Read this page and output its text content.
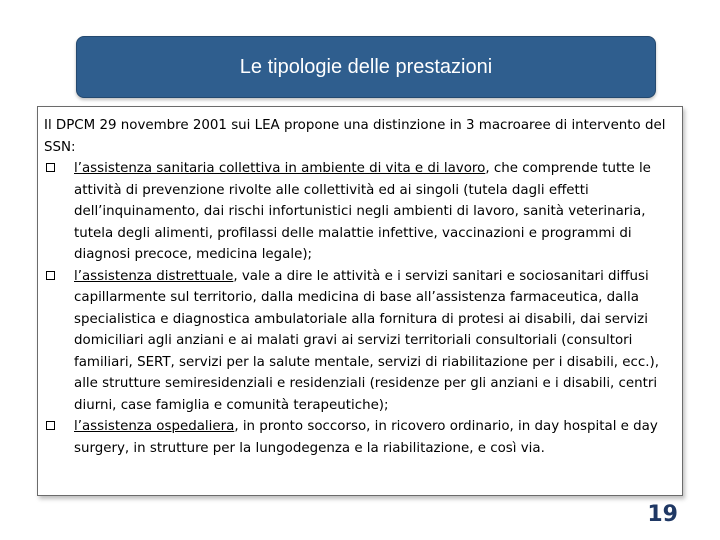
Le tipologie delle prestazioni

Il DPCM 29 novembre 2001 sui LEA propone una distinzione in 3 macroaree di intervento del SSN:

l’assistenza sanitaria collettiva in ambiente di vita e di lavoro, che comprende tutte le attività di prevenzione rivolte alle collettività ed ai singoli (tutela dagli effetti dell’inquinamento, dai rischi infortunistici negli ambienti di lavoro, sanità veterinaria, tutela degli alimenti, profilassi delle malattie infettive, vaccinazioni e programmi di diagnosi precoce, medicina legale);

l’assistenza distrettuale, vale a dire le attività e i servizi sanitari e sociosanitari diffusi capillarmente sul territorio, dalla medicina di base all’assistenza farmaceutica, dalla specialistica e diagnostica ambulatoriale alla fornitura di protesi ai disabili, dai servizi domiciliari agli anziani e ai malati gravi ai servizi territoriali consultoriali (consultori familiari, SERT, servizi per la salute mentale, servizi di riabilitazione per i disabili, ecc.), alle strutture semiresidenziali e residenziali (residenze per gli anziani e i disabili, centri diurni, case famiglia e comunità terapeutiche);

l’assistenza ospedaliera, in pronto soccorso, in ricovero ordinario, in day hospital e day surgery, in strutture per la lungodegenza e la riabilitazione, e così via.

19
